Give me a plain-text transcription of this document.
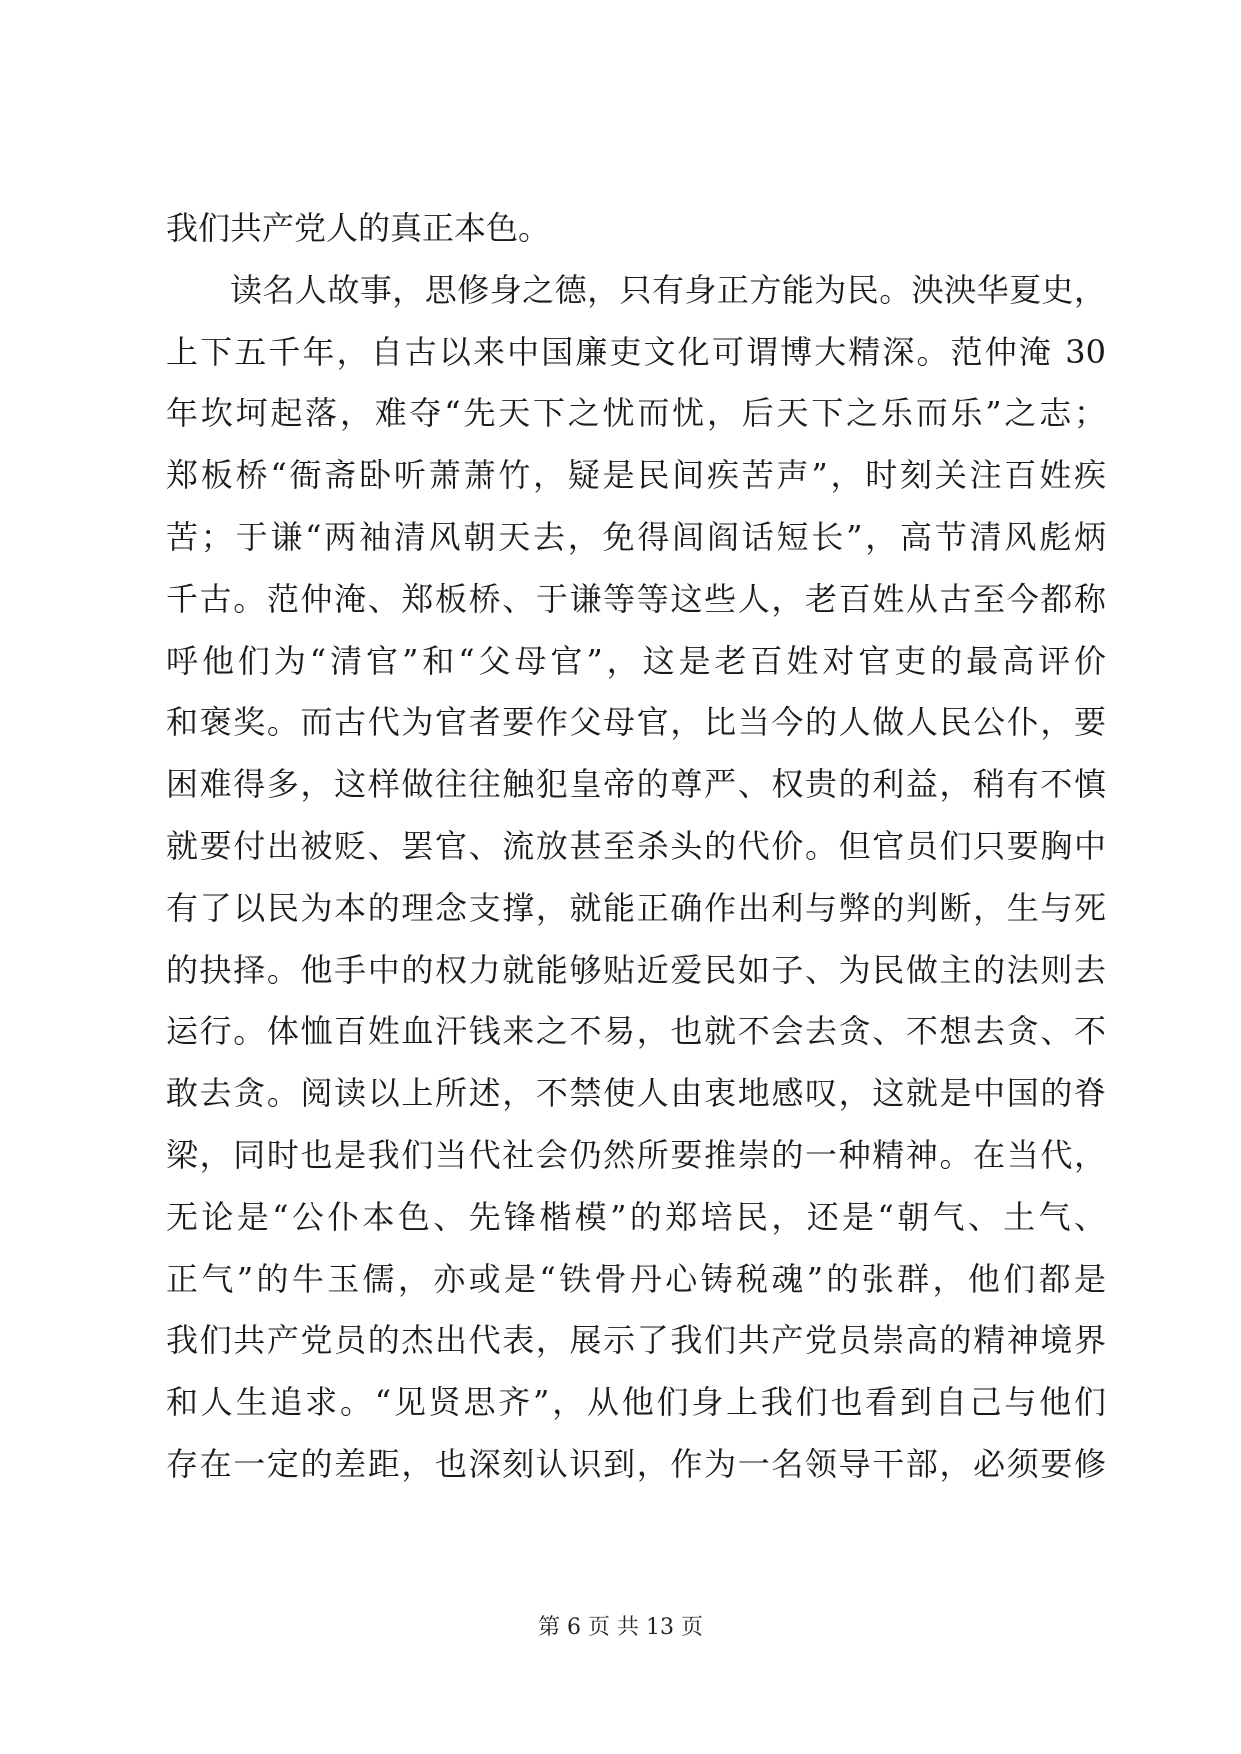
我们共产党人的真正本色。
读名人故事，思修身之德，只有身正方能为民。泱泱华夏史，
上下五千年，自古以来中国廉吏文化可谓博大精深。范仲淹 30
年坎坷起落，难夺“先天下之忧而忧，后天下之乐而乐”之志；
郑板桥“衙斋卧听萧萧竹，疑是民间疾苦声”，时刻关注百姓疾
苦；于谦“两袖清风朝天去，免得闾阎话短长”，高节清风彪炳
千古。范仲淹、郑板桥、于谦等等这些人，老百姓从古至今都称
呼他们为“清官”和“父母官”，这是老百姓对官吏的最高评价
和褒奖。而古代为官者要作父母官，比当今的人做人民公仆，要
困难得多，这样做往往触犯皇帝的尊严、权贵的利益，稍有不慎
就要付出被贬、罢官、流放甚至杀头的代价。但官员们只要胸中
有了以民为本的理念支撑，就能正确作出利与弊的判断，生与死
的抉择。他手中的权力就能够贴近爱民如子、为民做主的法则去
运行。体恤百姓血汗钱来之不易，也就不会去贪、不想去贪、不
敢去贪。阅读以上所述，不禁使人由衷地感叹，这就是中国的脊
梁，同时也是我们当代社会仍然所要推崇的一种精神。在当代，
无论是“公仆本色、先锋楷模”的郑培民，还是“朝气、土气、
正气”的牛玉儒，亦或是“铁骨丹心铸税魂”的张群，他们都是
我们共产党员的杰出代表，展示了我们共产党员崇高的精神境界
和人生追求。“见贤思齐”，从他们身上我们也看到自己与他们
存在一定的差距，也深刻认识到，作为一名领导干部，必须要修
第 6 页 共 13 页
